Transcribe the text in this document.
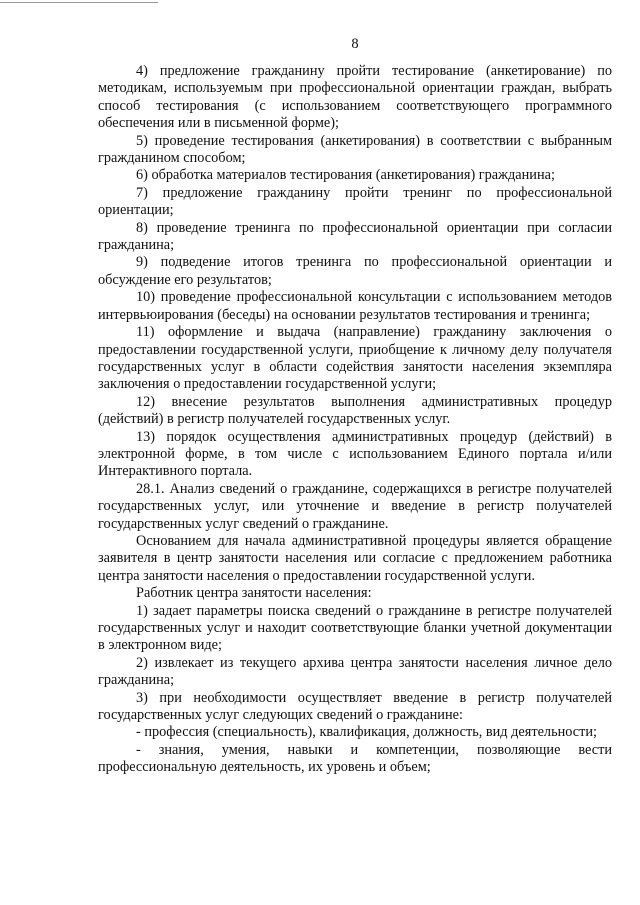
8

4) предложение гражданину пройти тестирование (анкетирование) по методикам, используемым при профессиональной ориентации граждан, выбрать способ тестирования (с использованием соответствующего программного обеспечения или в письменной форме);

5) проведение тестирования (анкетирования) в соответствии с выбранным гражданином способом;

6) обработка материалов тестирования (анкетирования) гражданина;

7) предложение гражданину пройти тренинг по профессиональной ориентации;

8) проведение тренинга по профессиональной ориентации при согласии гражданина;

9) подведение итогов тренинга по профессиональной ориентации и обсуждение его результатов;

10) проведение профессиональной консультации с использованием методов интервьюирования (беседы) на основании результатов тестирования и тренинга;

11) оформление и выдача (направление) гражданину заключения о предоставлении государственной услуги, приобщение к личному делу получателя государственных услуг в области содействия занятости населения экземпляра заключения о предоставлении государственной услуги;

12) внесение результатов выполнения административных процедур (действий) в регистр получателей государственных услуг.

13) порядок осуществления административных процедур (действий) в электронной форме, в том числе с использованием Единого портала и/или Интерактивного портала.

28.1. Анализ сведений о гражданине, содержащихся в регистре получателей государственных услуг, или уточнение и введение в регистр получателей государственных услуг сведений о гражданине.

Основанием для начала административной процедуры является обращение заявителя в центр занятости населения или согласие с предложением работника центра занятости населения о предоставлении государственной услуги.

Работник центра занятости населения:

1) задает параметры поиска сведений о гражданине в регистре получателей государственных услуг и находит соответствующие бланки учетной документации в электронном виде;

2) извлекает из текущего архива центра занятости населения личное дело гражданина;

3) при необходимости осуществляет введение в регистр получателей государственных услуг следующих сведений о гражданине:

- профессия (специальность), квалификация, должность, вид деятельности;

- знания, умения, навыки и компетенции, позволяющие вести профессиональную деятельность, их уровень и объем;
